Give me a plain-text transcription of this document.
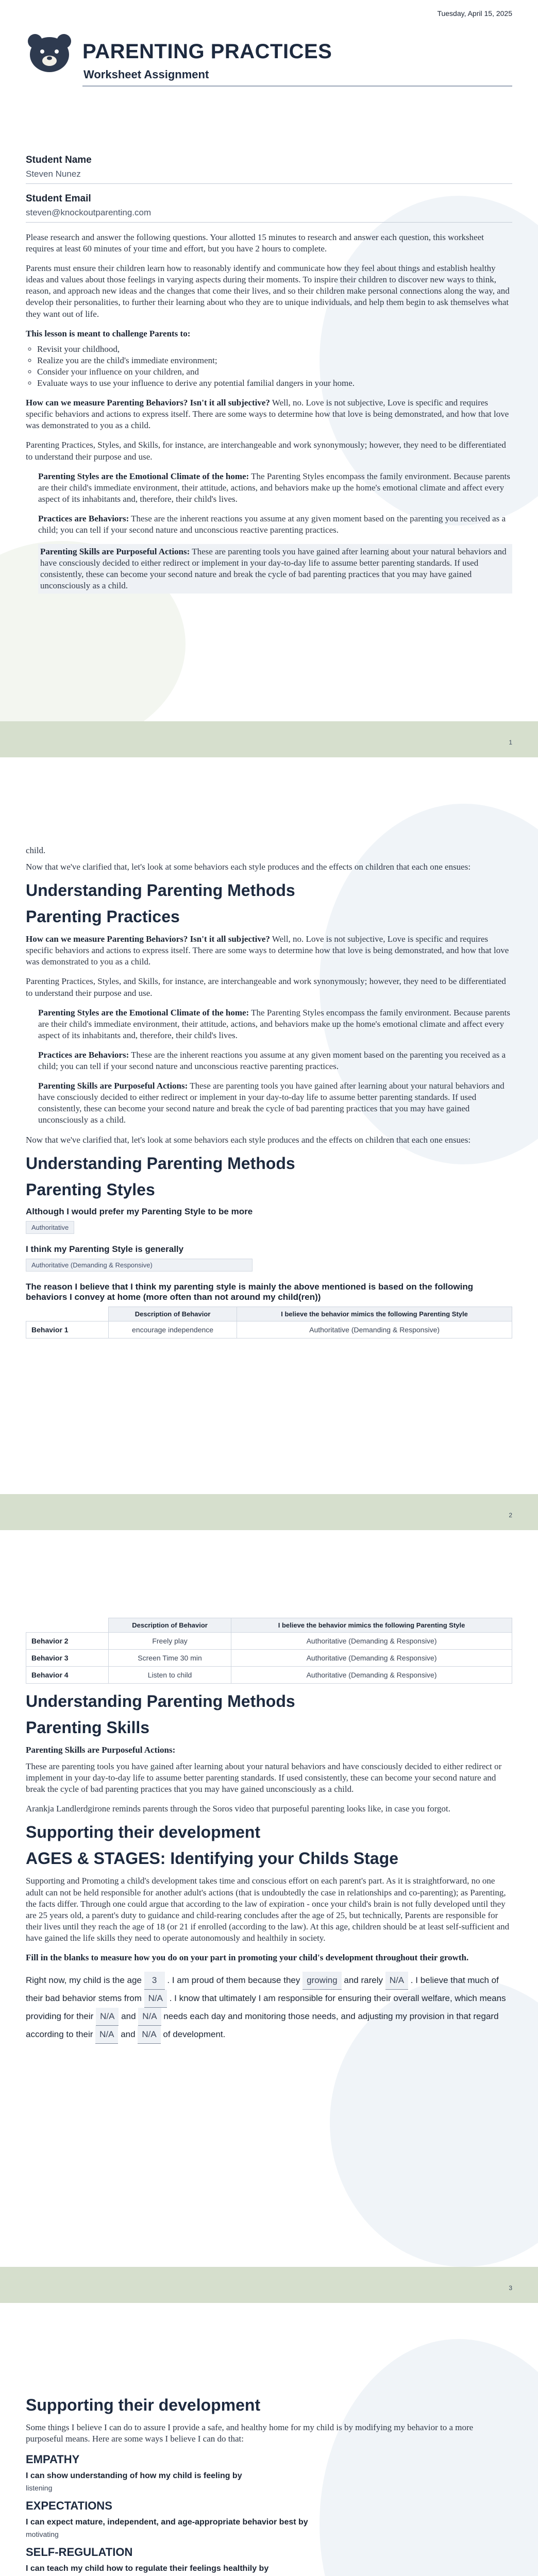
Tuesday, April 15, 2025
PARENTING PRACTICES
Worksheet Assignment
Student Name
Steven Nunez
Student Email
steven@knockoutparenting.com

Please research and answer the following questions. Your allotted 15 minutes to research and answer each question, this worksheet requires at least 60 minutes of your time and effort, but you have 2 hours to complete.

Parents must ensure their children learn how to reasonably identify and communicate how they feel about things and establish healthy ideas and values about those feelings in varying aspects during their moments. To inspire their children to discover new ways to think, reason, and approach new ideas and the changes that come their lives, and so their children make personal connections along the way, and develop their personalities, to further their learning about who they are to unique individuals, and help them begin to ask themselves what they want out of life.

This lesson is meant to challenge Parents to:

◦ Revisit your childhood,
◦ Realize you are the child's immediate environment;
◦ Consider your influence on your children, and
◦ Evaluate ways to use your influence to derive any potential familial dangers in your home.

How can we measure Parenting Behaviors? Isn't it all subjective? Well, no. Love is not subjective, Love is specific and requires specific behaviors and actions to express itself. There are some ways to determine how that love is being demonstrated, and how that love was demonstrated to you as a child.

Parenting Practices, Styles, and Skills, for instance, are interchangeable and work synonymously; however, they need to be differentiated to understand their purpose and use.

Parenting Styles are the Emotional Climate of the home: The Parenting Styles encompass the family environment. Because parents are their child's immediate environment, their attitude, actions, and behaviors make up the home's emotional climate and affect every aspect of its inhabitants and, therefore, their child's lives.

Practices are Behaviors: These are the inherent reactions you assume at any given moment based on the parenting you received as a child; you can tell if your second nature and unconscious reactive parenting practices.

Parenting Skills are Purposeful Actions: These are parenting tools you have gained after learning about your natural behaviors and have consciously decided to either redirect or implement in your day-to-day life to assume better parenting standards. If used consistently, these can become your second nature and break the cycle of bad parenting practices that you may have gained unconsciously as a child.

1

child.

Now that we've clarified that, let's look at some behaviors each style produces and the effects on children that each one ensues:

Understanding Parenting Methods
Parenting Practices

How can we measure Parenting Behaviors? Isn't it all subjective? Well, no. Love is not subjective, Love is specific and requires specific behaviors and actions to express itself. There are some ways to determine how that love is being demonstrated, and how that love was demonstrated to you as a child.

Parenting Practices, Styles, and Skills, for instance, are interchangeable and work synonymously; however, they need to be differentiated to understand their purpose and use.

Parenting Styles are the Emotional Climate of the home: The Parenting Styles encompass the family environment. Because parents are their child's immediate environment, their attitude, actions, and behaviors make up the home's emotional climate and affect every aspect of its inhabitants and, therefore, their child's lives.

Practices are Behaviors: These are the inherent reactions you assume at any given moment based on the parenting you received as a child; you can tell if your second nature and unconscious reactive parenting practices.

Parenting Skills are Purposeful Actions: These are parenting tools you have gained after learning about your natural behaviors and have consciously decided to either redirect or implement in your day-to-day life to assume better parenting standards. If used consistently, these can become your second nature and break the cycle of bad parenting practices that you may have gained unconsciously as a child.

Now that we've clarified that, let's look at some behaviors each style produces and the effects on children that each one ensues:

Understanding Parenting Methods
Parenting Styles
Although I would prefer my Parenting Style to be more
Authoritative
I think my Parenting Style is generally
Authoritative (Demanding & Responsive)
The reason I believe that I think my parenting style is mainly the above mentioned is based on the following behaviors I convey at home (more often than not around my child(ren))
	Description of Behavior	I believe the behavior mimics the following Parenting Style
Behavior 1	encourage independence	Authoritative (Demanding & Responsive)
2
	Description of Behavior	I believe the behavior mimics the following Parenting Style
Behavior 2	Freely play	Authoritative (Demanding & Responsive)
Behavior 3	Screen Time 30 min	Authoritative (Demanding & Responsive)
Behavior 4	Listen to child	Authoritative (Demanding & Responsive)
Understanding Parenting Methods
Parenting Skills

Parenting Skills are Purposeful Actions:

These are parenting tools you have gained after learning about your natural behaviors and have consciously decided to either redirect or implement in your day-to-day life to assume better parenting standards. If used consistently, these can become your second nature and break the cycle of bad parenting practices that you may have gained unconsciously as a child.

Arankja Landlerdgirone reminds parents through the Soros video that purposeful parenting looks like, in case you forgot.

Supporting their development
AGES & STAGES: Identifying your Childs Stage

Supporting and Promoting a child's development takes time and conscious effort on each parent's part. As it is straightforward, no one adult can not be held responsible for another adult's actions (that is undoubtedly the case in relationships and co-parenting); as Parenting, the facts differ. Through one could argue that according to the law of expiration - once your child's brain is not fully developed until they are 25 years old, a parent's duty to guidance and child-rearing concludes after the age of 25, but technically, Parents are responsible for their lives until they reach the age of 18 (or 21 if enrolled (according to the law). At this age, children should be at least self-sufficient and have gained the life skills they need to operate autonomously and healthily in society.

Fill in the blanks to measure how you do on your part in promoting your child's development throughout their growth.

Right now, my child is the age 3 . I am proud of them because they growing and rarely N/A . I believe that much of their bad behavior stems from N/A . I know that ultimately I am responsible for ensuring their overall welfare, which means providing for their N/A and N/A needs each day and monitoring those needs, and adjusting my provision in that regard according to their N/A and N/A of development.
3
Supporting their development

Some things I believe I can do to assure I provide a safe, and healthy home for my child is by modifying my behavior to a more purposeful means. Here are some ways I believe I can do that:

EMPATHY
I can show understanding of how my child is feeling by
listening
EXPECTATIONS
I can expect mature, independent, and age-appropriate behavior best by
motivating
SELF-REGULATION
I can teach my child how to regulate their feelings healthily by
